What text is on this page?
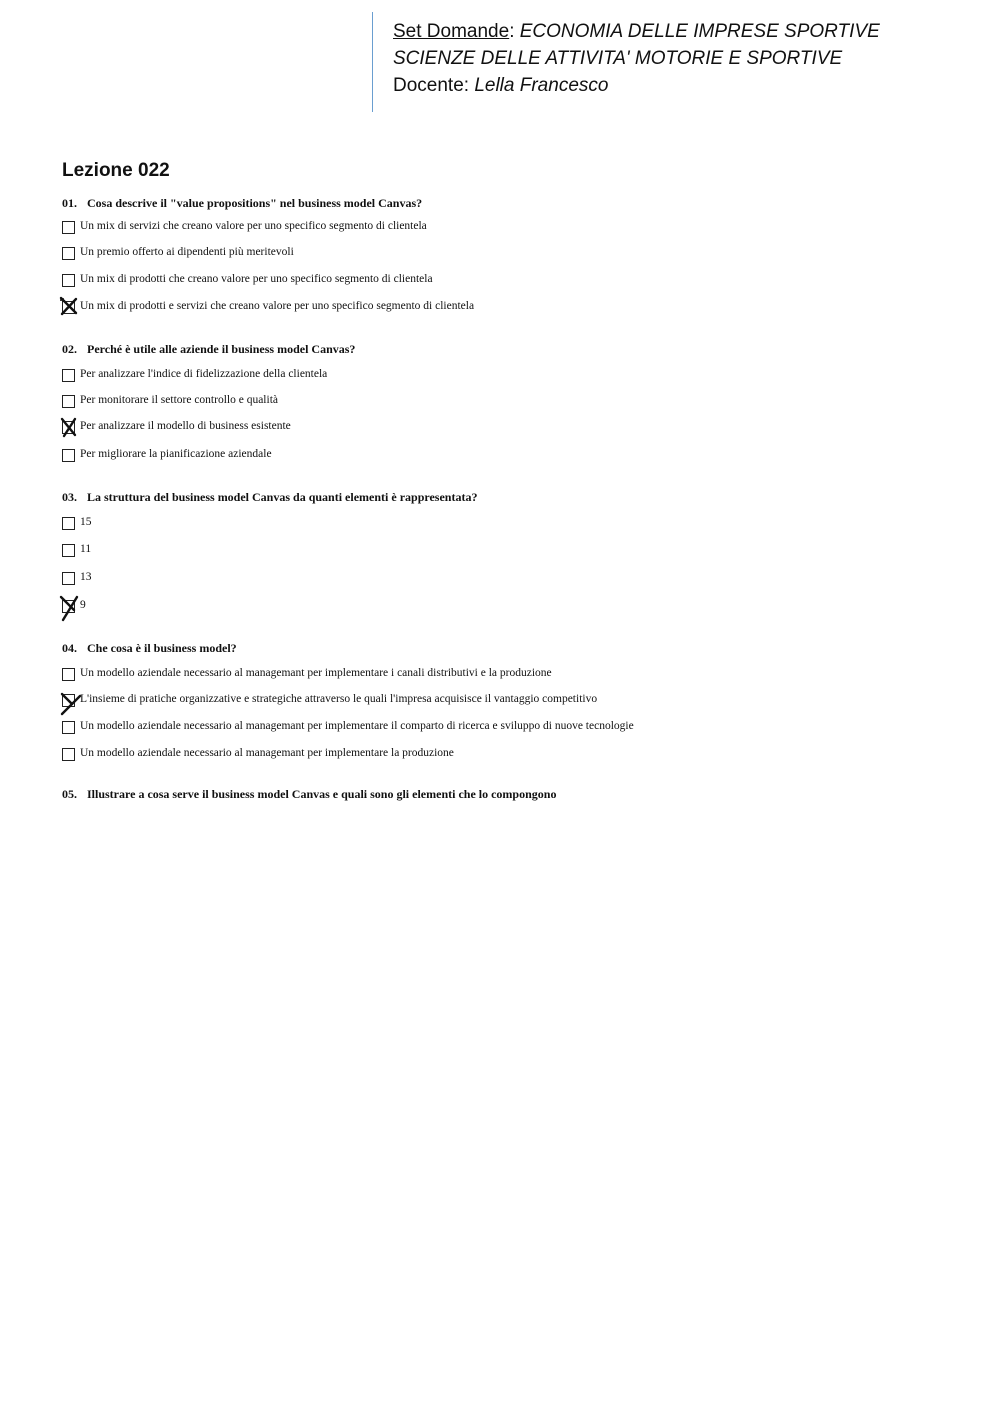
Set Domande: ECONOMIA DELLE IMPRESE SPORTIVE
SCIENZE DELLE ATTIVITA' MOTORIE E SPORTIVE
Docente: Lella Francesco
Lezione 022
01. Cosa descrive il "value propositions" nel business model Canvas?
Un mix di servizi che creano valore per uno specifico segmento di clientela
Un premio offerto ai dipendenti più meritevoli
Un mix di prodotti che creano valore per uno specifico segmento di clientela
Un mix di prodotti e servizi che creano valore per uno specifico segmento di clientela
02. Perché è utile alle aziende il business model Canvas?
Per analizzare l'indice di fidelizzazione della clientela
Per monitorare il settore controllo e qualità
Per analizzare il modello di business esistente
Per migliorare la pianificazione aziendale
03. La struttura del business model Canvas da quanti elementi è rappresentata?
15
11
13
9
04. Che cosa è il business model?
Un modello aziendale necessario al managemant per implementare i canali distributivi e la produzione
L'insieme di pratiche organizzative e strategiche attraverso le quali l'impresa acquisisce il vantaggio competitivo
Un modello aziendale necessario al managemant per implementare il comparto di ricerca e sviluppo di nuove tecnologie
Un modello aziendale necessario al managemant per implementare la produzione
05. Illustrare a cosa serve il business model Canvas e quali sono gli elementi che lo compongono
